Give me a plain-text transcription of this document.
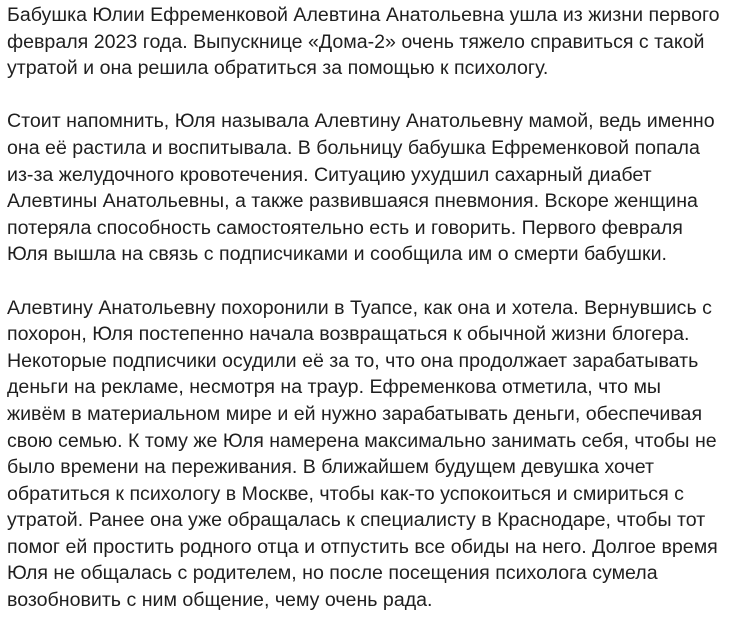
Бабушка Юлии Ефременковой Алевтина Анатольевна ушла из жизни первого февраля 2023 года. Выпускнице «Дома-2» очень тяжело справиться с такой утратой и она решила обратиться за помощью к психологу.

Стоит напомнить, Юля называла Алевтину Анатольевну мамой, ведь именно она её растила и воспитывала. В больницу бабушка Ефременковой попала из-за желудочного кровотечения. Ситуацию ухудшил сахарный диабет Алевтины Анатольевны, а также развившаяся пневмония. Вскоре женщина потеряла способность самостоятельно есть и говорить. Первого февраля Юля вышла на связь с подписчиками и сообщила им о смерти бабушки.

Алевтину Анатольевну похоронили в Туапсе, как она и хотела. Вернувшись с похорон, Юля постепенно начала возвращаться к обычной жизни блогера. Некоторые подписчики осудили её за то, что она продолжает зарабатывать деньги на рекламе, несмотря на траур. Ефременкова отметила, что мы живём в материальном мире и ей нужно зарабатывать деньги, обеспечивая свою семью. К тому же Юля намерена максимально занимать себя, чтобы не было времени на переживания. В ближайшем будущем девушка хочет обратиться к психологу в Москве, чтобы как-то успокоиться и смириться с утратой. Ранее она уже обращалась к специалисту в Краснодаре, чтобы тот помог ей простить родного отца и отпустить все обиды на него. Долгое время Юля не общалась с родителем, но после посещения психолога сумела возобновить с ним общение, чему очень рада.
